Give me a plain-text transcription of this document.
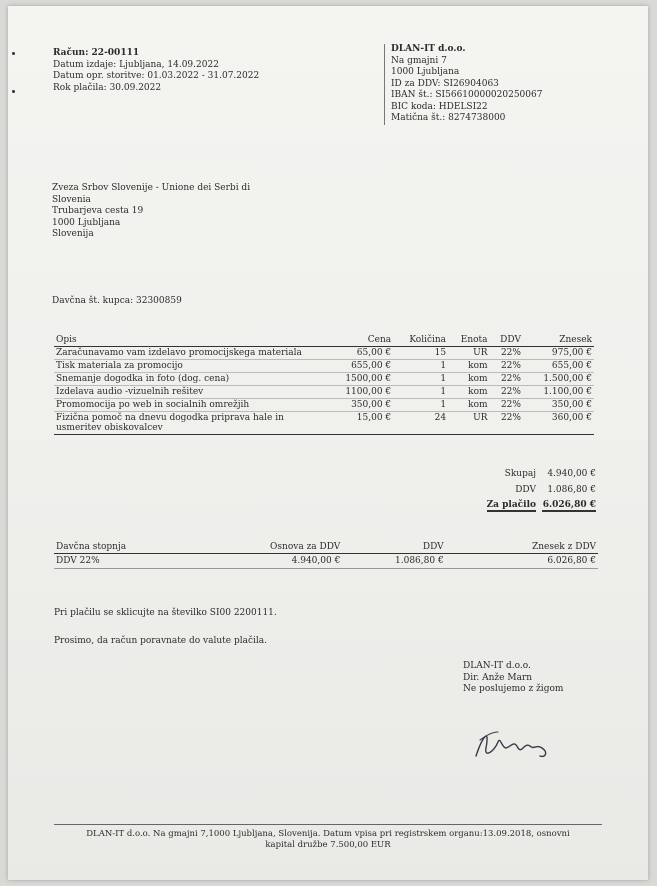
Račun: 22-00111
Datum izdaje: Ljubljana, 14.09.2022
Datum opr. storitve: 01.03.2022 - 31.07.2022
Rok plačila: 30.09.2022
DLAN-IT d.o.o.
Na gmajni 7
1000 Ljubljana
ID za DDV: SI26904063
IBAN št.: SI56610000020250067
BIC koda: HDELSI22
Matična št.: 8274738000
Zveza Srbov Slovenije - Unione dei Serbi di
Slovenia
Trubarjeva cesta 19
1000 Ljubljana
Slovenija
Davčna št. kupca: 32300859
Opis	Cena	Količina	Enota	DDV	Znesek
Zaračunavamo vam izdelavo promocijskega materiala	65,00 €	15	UR	22%	975,00 €
Tisk materiala za promocijo	655,00 €	1	kom	22%	655,00 €
Snemanje dogodka in foto (dog. cena)	1500,00 €	1	kom	22%	1.500,00 €
Izdelava audio -vizuelnih rešitev	1100,00 €	1	kom	22%	1.100,00 €
Promomocija po web in socialnih omrežjih	350,00 €	1	kom	22%	350,00 €
Fizična pomoč na dnevu dogodka priprava hale in usmeritev obiskovalcev	15,00 €	24	UR	22%	360,00 €
Skupaj	4.940,00 €
DDV	1.086,80 €
Za plačilo 6.026,80 €
Davčna stopnja	Osnova za DDV	DDV	Znesek z DDV
DDV 22%	4.940,00 €	1.086,80 €	6.026,80 €
Pri plačilu se sklicujte na številko SI00 2200111.
Prosimo, da račun poravnate do valute plačila.
DLAN-IT d.o.o.
Dir. Anže Marn
Ne poslujemo z žigom
DLAN-IT d.o.o. Na gmajni 7,1000 Ljubljana, Slovenija. Datum vpisa pri registrskem organu:13.09.2018, osnovni
kapital družbe 7.500,00 EUR
